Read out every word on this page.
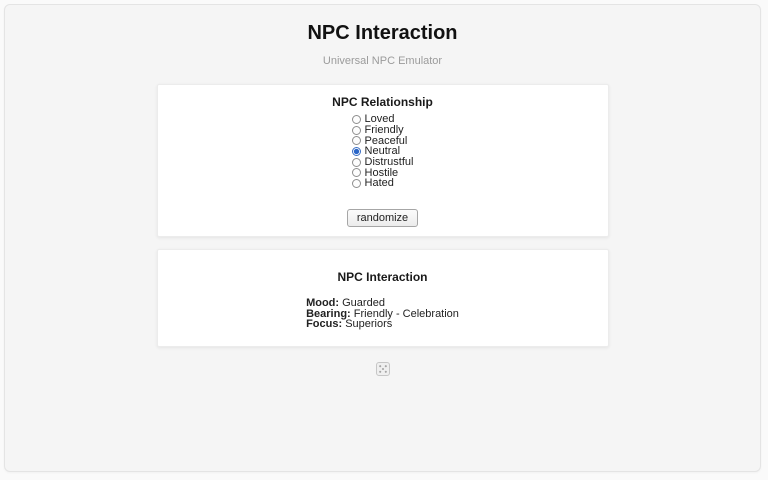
NPC Interaction
Universal NPC Emulator
NPC Relationship
Loved
Friendly
Peaceful
Neutral
Distrustful
Hostile
Hated
randomize
NPC Interaction
Mood: Guarded
Bearing: Friendly - Celebration
Focus: Superiors
